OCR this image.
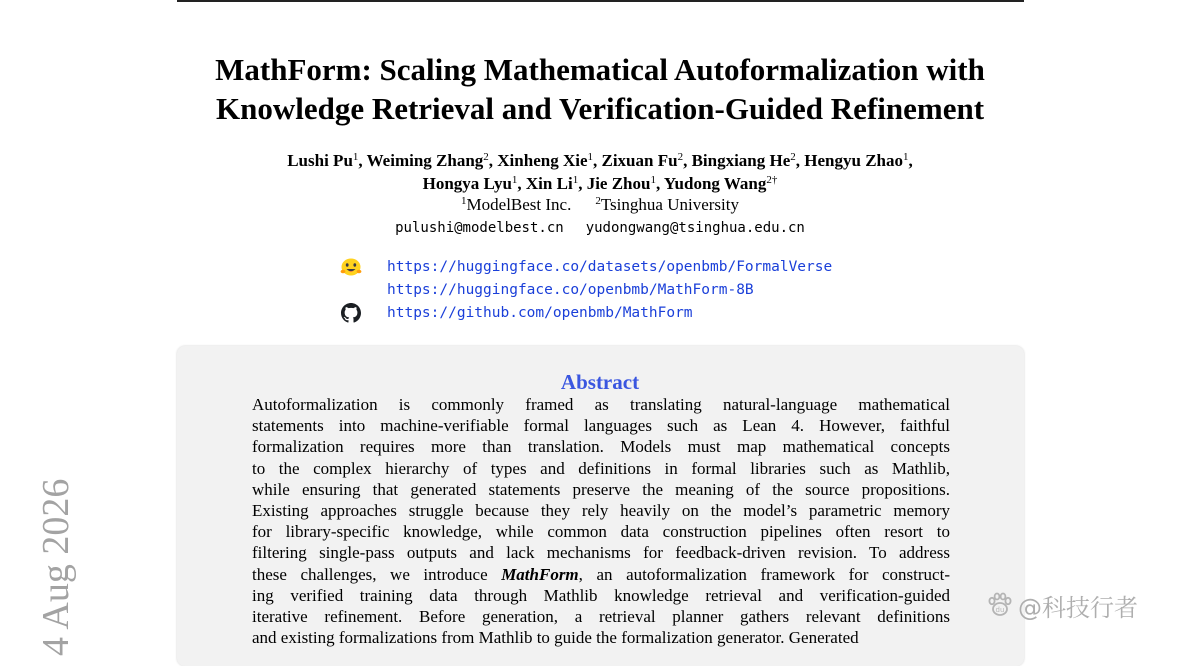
MathForm: Scaling Mathematical Autoformalization with
Knowledge Retrieval and Verification-Guided Refinement
Lushi Pu$^1$, Weiming Zhang$^2$, Xinheng Xie$^1$, Zixuan Fu$^2$, Bingxiang He$^2$, Hengyu Zhao$^1$,
Hongya Lyu$^1$, Xin Li$^1$, Jie Zhou$^1$, Yudong Wang$^{2\dagger}$
$^1$ModelBest Inc. $^2$Tsinghua University
pulushi@modelbest.cn yudongwang@tsinghua.edu.cn
https://huggingface.co/datasets/openbmb/FormalVerse
https://huggingface.co/openbmb/MathForm-8B
https://github.com/openbmb/MathForm
Abstract
Autoformalization is commonly framed as translating natural-language mathematical
statements into machine-verifiable formal languages such as Lean 4. However, faithful
formalization requires more than translation. Models must map mathematical concepts
to the complex hierarchy of types and definitions in formal libraries such as Mathlib,
while ensuring that generated statements preserve the meaning of the source propositions.
Existing approaches struggle because they rely heavily on the model’s parametric memory
for library-specific knowledge, while common data construction pipelines often resort to
filtering single-pass outputs and lack mechanisms for feedback-driven revision. To address
these challenges, we introduce MathForm, an autoformalization framework for construct-
ing verified training data through Mathlib knowledge retrieval and verification-guided
iterative refinement. Before generation, a retrieval planner gathers relevant definitions
and existing formalizations from Mathlib to guide the formalization generator. Generated
4 Aug 2026	du @科技行者
